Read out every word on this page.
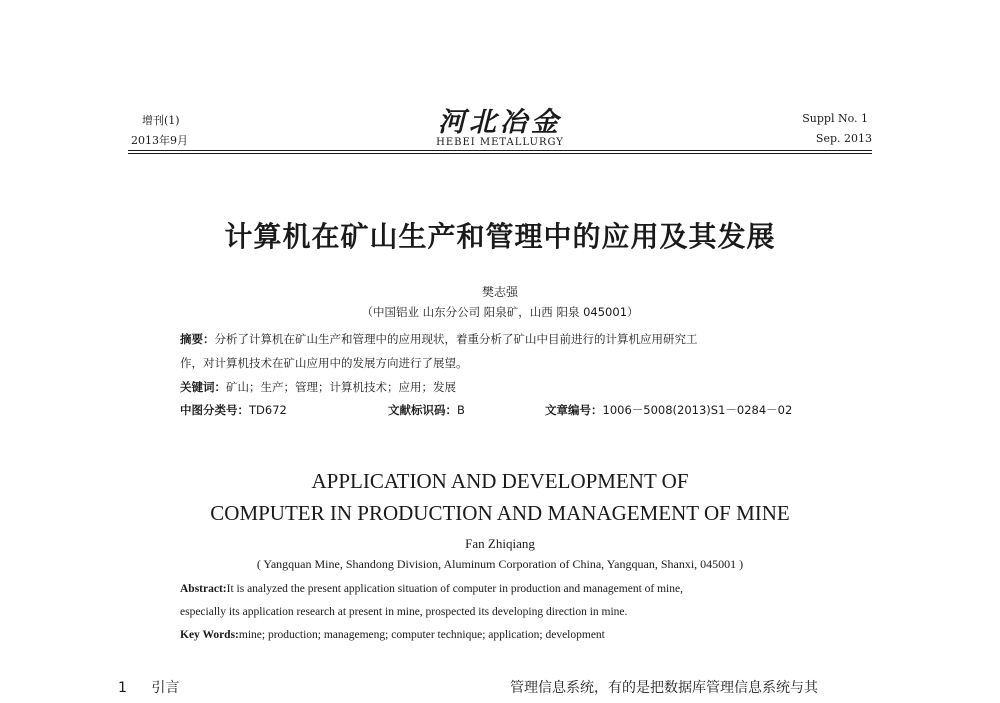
增刊(1)
2013年9月
河北冶金
HEBEI METALLURGY
Suppl No. 1
Sep. 2013
计算机在矿山生产和管理中的应用及其发展
樊志强
（中国铝业 山东分公司 阳泉矿，山西 阳泉 045001）
摘要：分析了计算机在矿山生产和管理中的应用现状，着重分析了矿山中目前进行的计算机应用研究工
作，对计算机技术在矿山应用中的发展方向进行了展望。
关键词：矿山；生产；管理；计算机技术；应用；发展
中图分类号：TD672	文献标识码：B	文章编号：1006－5008(2013)S1－0284－02
APPLICATION AND DEVELOPMENT OF
COMPUTER IN PRODUCTION AND MANAGEMENT OF MINE
Fan Zhiqiang
( Yangquan Mine, Shandong Division, Aluminum Corporation of China, Yangquan, Shanxi, 045001 )
Abstract:It is analyzed the present application situation of computer in production and management of mine,
especially its application research at present in mine, prospected its developing direction in mine.
Key Words:mine; production; managemeng; computer technique; application; development
1 引言	管理信息系统，有的是把数据库管理信息系统与其
